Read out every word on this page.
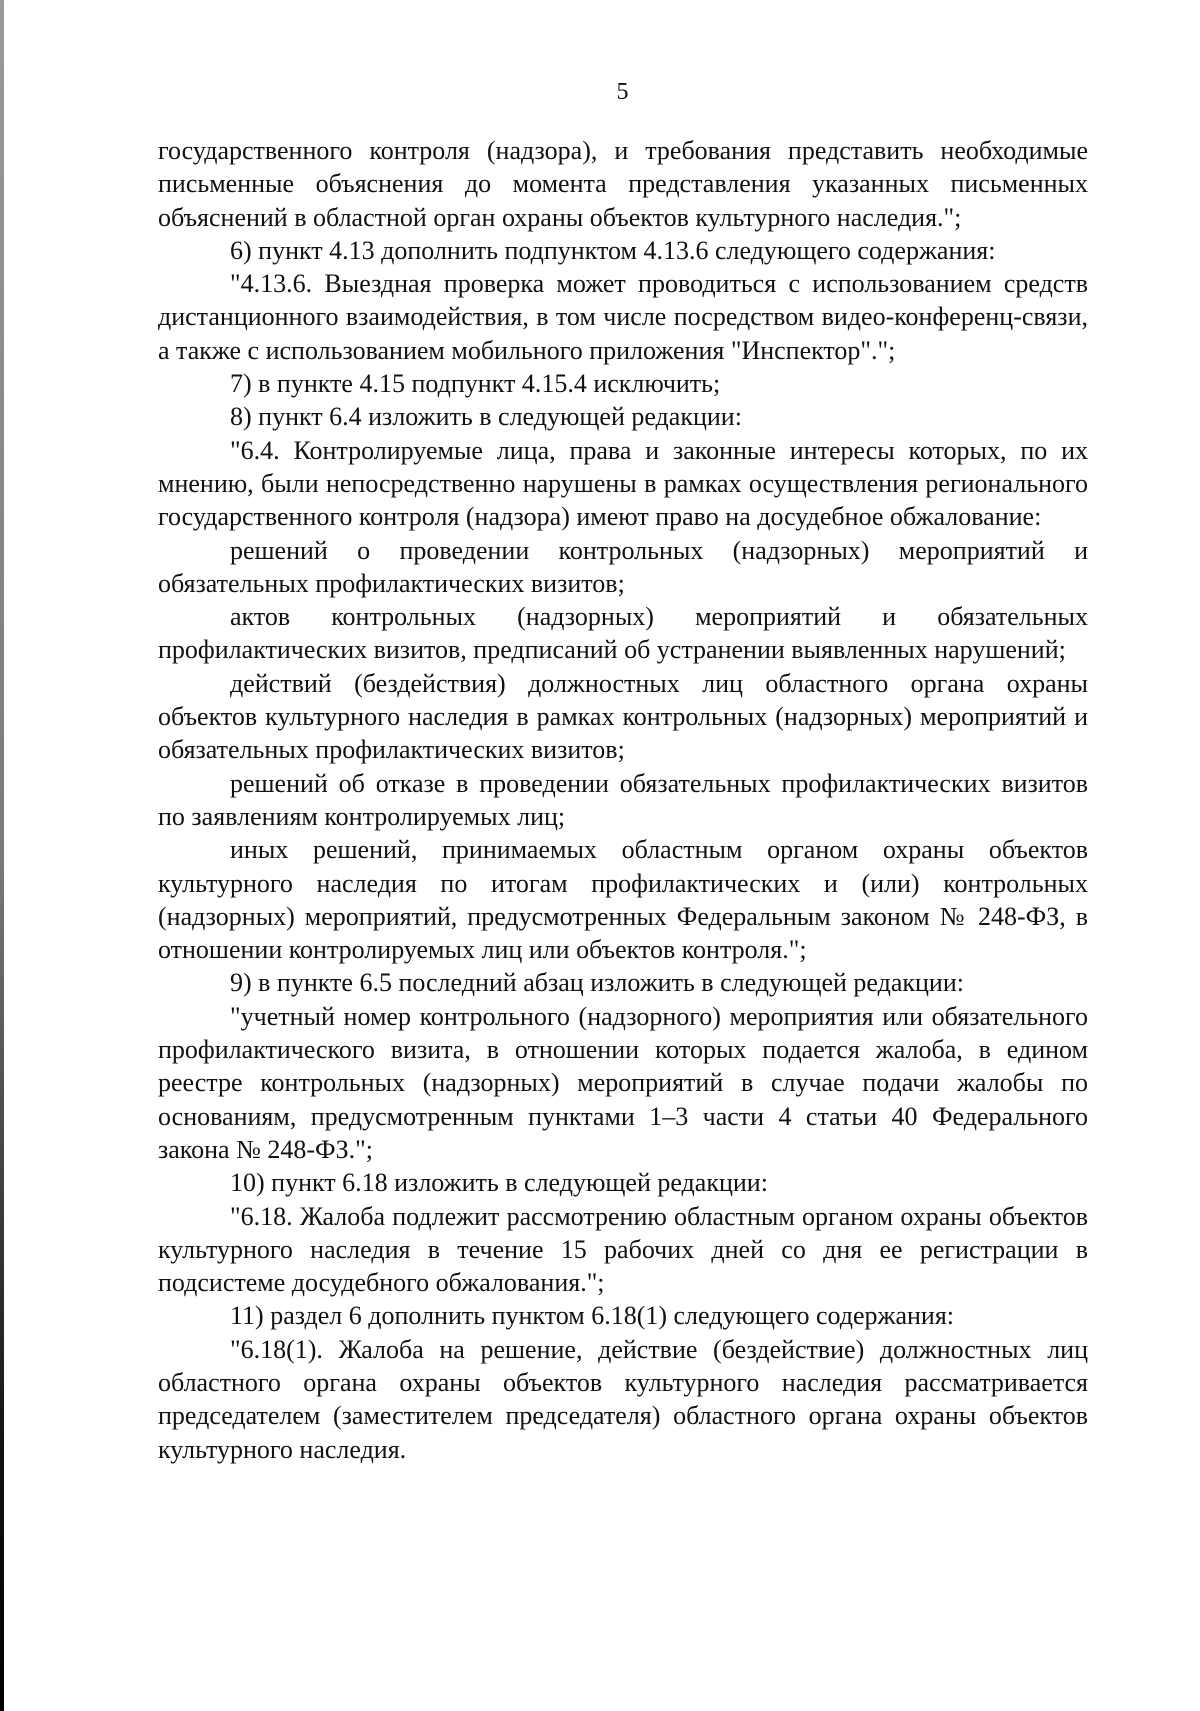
5

государственного контроля (надзора), и требования представить необходимые письменные объяснения до момента представления указанных письменных объяснений в областной орган охраны объектов культурного наследия.";

6) пункт 4.13 дополнить подпунктом 4.13.6 следующего содержания:

"4.13.6. Выездная проверка может проводиться с использованием средств дистанционного взаимодействия, в том числе посредством видео-конференц-связи, а также с использованием мобильного приложения "Инспектор".";

7) в пункте 4.15 подпункт 4.15.4 исключить;

8) пункт 6.4 изложить в следующей редакции:

"6.4. Контролируемые лица, права и законные интересы которых, по их мнению, были непосредственно нарушены в рамках осуществления регионального государственного контроля (надзора) имеют право на досудебное обжалование:

решений о проведении контрольных (надзорных) мероприятий и обязательных профилактических визитов;

актов контрольных (надзорных) мероприятий и обязательных профилактических визитов, предписаний об устранении выявленных нарушений;

действий (бездействия) должностных лиц областного органа охраны объектов культурного наследия в рамках контрольных (надзорных) мероприятий и обязательных профилактических визитов;

решений об отказе в проведении обязательных профилактических визитов по заявлениям контролируемых лиц;

иных решений, принимаемых областным органом охраны объектов культурного наследия по итогам профилактических и (или) контрольных (надзорных) мероприятий, предусмотренных Федеральным законом № 248-ФЗ, в отношении контролируемых лиц или объектов контроля.";

9) в пункте 6.5 последний абзац изложить в следующей редакции:

"учетный номер контрольного (надзорного) мероприятия или обязательного профилактического визита, в отношении которых подается жалоба, в едином реестре контрольных (надзорных) мероприятий в случае подачи жалобы по основаниям, предусмотренным пунктами 1–3 части 4 статьи 40 Федерального закона № 248-ФЗ.";

10) пункт 6.18 изложить в следующей редакции:

"6.18. Жалоба подлежит рассмотрению областным органом охраны объектов культурного наследия в течение 15 рабочих дней со дня ее регистрации в подсистеме досудебного обжалования.";

11) раздел 6 дополнить пунктом 6.18(1) следующего содержания:

"6.18(1). Жалоба на решение, действие (бездействие) должностных лиц областного органа охраны объектов культурного наследия рассматривается председателем (заместителем председателя) областного органа охраны объектов культурного наследия.
